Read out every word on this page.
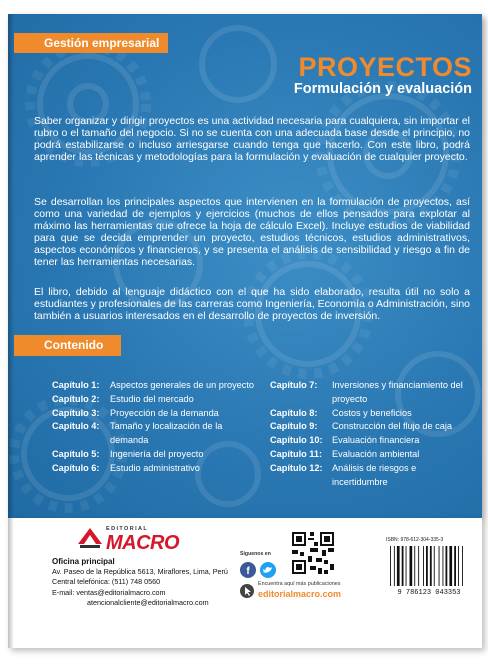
Gestión empresarial
PROYECTOS
Formulación y evaluación

Saber organizar y dirigir proyectos es una actividad necesaria para cualquiera, sin importar el rubro o el tamaño del negocio. Si no se cuenta con una adecuada base desde el principio, no podrá estabilizarse o incluso arriesgarse cuando tenga que hacerlo. Con este libro, podrá aprender las técnicas y metodologías para la formulación y evaluación de cualquier proyecto.

Se desarrollan los principales aspectos que intervienen en la formulación de proyectos, así como una variedad de ejemplos y ejercicios (muchos de ellos pensados para explotar al máximo las herramientas que ofrece la hoja de cálculo Excel). Incluye estudios de viabilidad para que se decida emprender un proyecto, estudios técnicos, estudios administrativos, aspectos económicos y financieros, y se presenta el análisis de sensibilidad y riesgo a fin de tener las herramientas necesarias.

El libro, debido al lenguaje didáctico con el que ha sido elaborado, resulta útil no solo a estudiantes y profesionales de las carreras como Ingeniería, Economía o Administración, sino también a usuarios interesados en el desarrollo de proyectos de inversión.

Contenido
Capítulo 1:	Aspectos generales de un proyecto
Capítulo 2:	Estudio del mercado
Capítulo 3:	Proyección de la demanda
Capítulo 4:	Tamaño y localización de la demanda
Capítulo 5:	Ingeniería del proyecto
Capítulo 6:	Estudio administrativo
Capítulo 7:	Inversiones y financiamiento del proyecto
Capítulo 8:	Costos y beneficios
Capítulo 9:	Construcción del flujo de caja
Capítulo 10:	Evaluación financiera
Capítulo 11:	Evaluación ambiental
Capítulo 12:	Análisis de riesgos e incertidumbre
EDITORIAL
MACRO
Oficina principal
Av. Paseo de la República 5613, Miraflores, Lima, Perú
Central telefónica: (511) 748 0560
E-mail: ventas@editorialmacro.com
atencionalcliente@editorialmacro.com
Síguenos en
f
Encuentra aquí más publicaciones
editorialmacro.com
ISBN: 978-612-304-335-3
9 786123 043353
